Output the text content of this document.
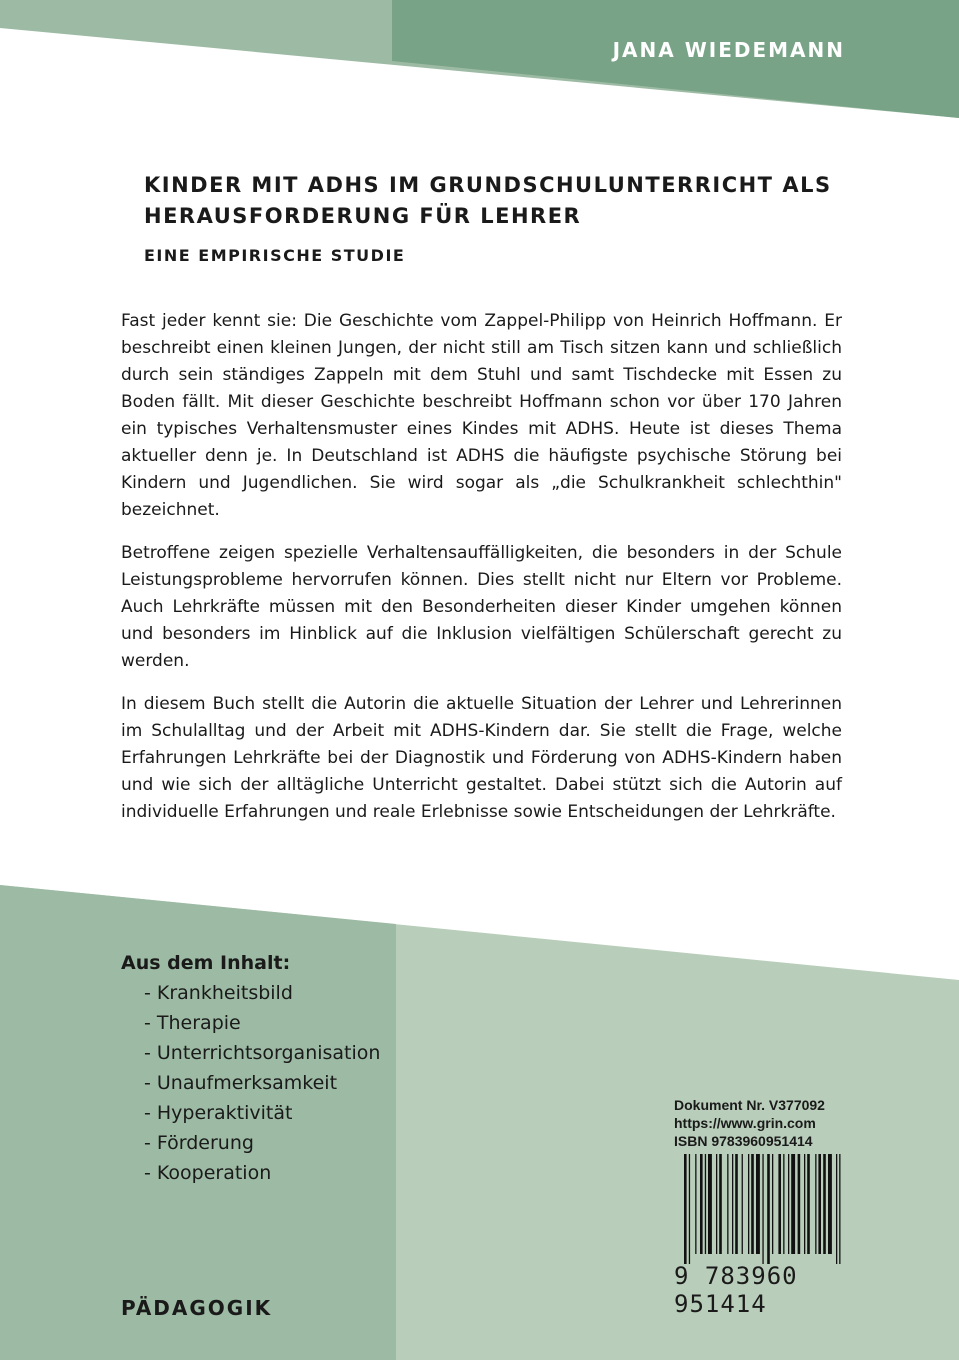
JANA WIEDEMANN
KINDER MIT ADHS IM GRUNDSCHULUNTERRICHT ALS
HERAUSFORDERUNG FÜR LEHRER
EINE EMPIRISCHE STUDIE

Fast jeder kennt sie: Die Geschichte vom Zappel-Philipp von Heinrich Hoffmann. Er beschreibt einen kleinen Jungen, der nicht still am Tisch sitzen kann und schließlich durch sein ständiges Zappeln mit dem Stuhl und samt Tischdecke mit Essen zu Boden fällt. Mit dieser Geschichte beschreibt Hoffmann schon vor über 170 Jahren ein typisches Verhaltensmuster eines Kindes mit ADHS. Heute ist dieses Thema aktueller denn je. In Deutschland ist ADHS die häufigste psychische Störung bei Kindern und Jugendlichen. Sie wird sogar als „die Schulkrankheit schlechthin" bezeichnet.

Betroffene zeigen spezielle Verhaltensauffälligkeiten, die besonders in der Schule Leistungsprobleme hervorrufen können. Dies stellt nicht nur Eltern vor Probleme. Auch Lehrkräfte müssen mit den Besonderheiten dieser Kinder umgehen können und besonders im Hinblick auf die Inklusion vielfältigen Schülerschaft gerecht zu werden.

In diesem Buch stellt die Autorin die aktuelle Situation der Lehrer und Lehrerinnen im Schulalltag und der Arbeit mit ADHS-Kindern dar. Sie stellt die Frage, welche Erfahrungen Lehrkräfte bei der Diagnostik und Förderung von ADHS-Kindern haben und wie sich der alltägliche Unterricht gestaltet. Dabei stützt sich die Autorin auf individuelle Erfahrungen und reale Erlebnisse sowie Entscheidungen der Lehrkräfte.

Aus dem Inhalt:

- Krankheitsbild
- Therapie
- Unterrichtsorganisation
- Unaufmerksamkeit
- Hyperaktivität
- Förderung
- Kooperation
PÄDAGOGIK

Dokument Nr. V377092

https://www.grin.com

ISBN 9783960951414

9 783960 951414
